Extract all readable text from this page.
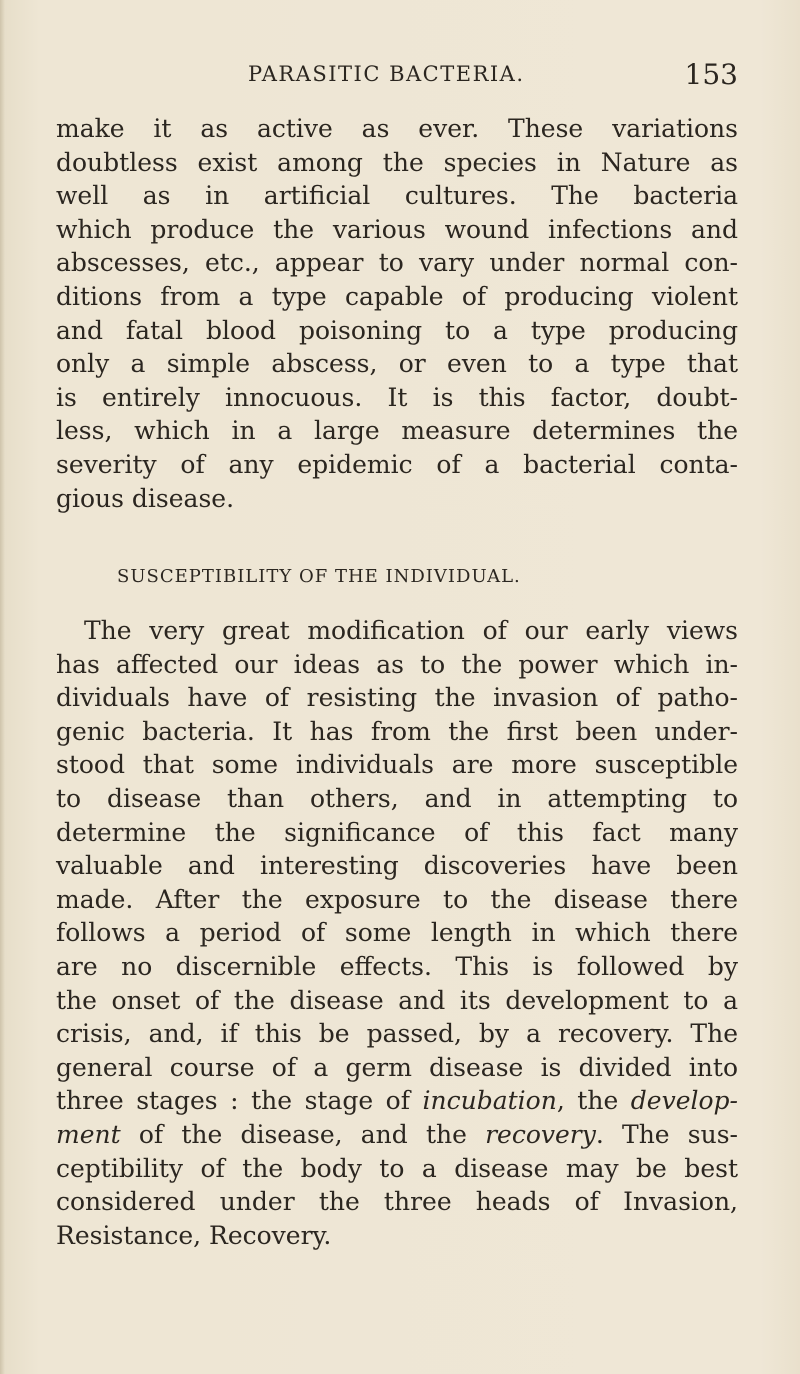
PARASITIC BACTERIA.	153
make it as active as ever. These variations
doubtless exist among the species in Nature as
well as in artificial cultures. The bacteria
which produce the various wound infections and
abscesses, etc., appear to vary under normal con-
ditions from a type capable of producing violent
and fatal blood poisoning to a type producing
only a simple abscess, or even to a type that
is entirely innocuous. It is this factor, doubt-
less, which in a large measure determines the
severity of any epidemic of a bacterial conta-
gious disease.
SUSCEPTIBILITY OF THE INDIVIDUAL.
The very great modification of our early views
has affected our ideas as to the power which in-
dividuals have of resisting the invasion of patho-
genic bacteria. It has from the first been under-
stood that some individuals are more susceptible
to disease than others, and in attempting to
determine the significance of this fact many
valuable and interesting discoveries have been
made. After the exposure to the disease there
follows a period of some length in which there
are no discernible effects. This is followed by
the onset of the disease and its development to a
crisis, and, if this be passed, by a recovery. The
general course of a germ disease is divided into
three stages : the stage of incubation, the develop-
ment of the disease, and the recovery. The sus-
ceptibility of the body to a disease may be best
considered under the three heads of Invasion,
Resistance, Recovery.
